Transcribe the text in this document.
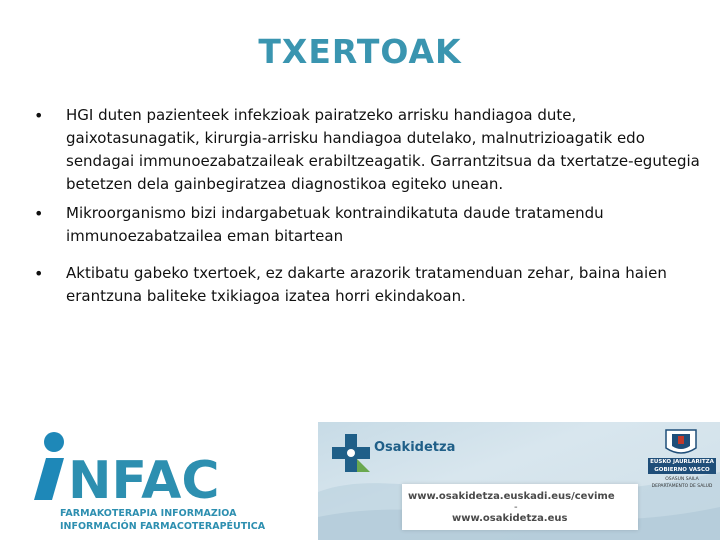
TXERTOAK
• HGI duten pazienteek infekzioak pairatzeko arrisku handiagoa dute, gaixotasunagatik, kirurgia-arrisku handiagoa dutelako, malnutrizioagatik edo sendagai immunoezabatzaileak erabiltzeagatik. Garrantzitsua da txertatze-egutegia betetzen dela gainbegiratzea diagnostikoa egiteko unean.
• Mikroorganismo bizi indargabetuak kontraindikatuta daude tratamendu immunoezabatzailea eman bitartean
• Aktibatu gabeko txertoek, ez dakarte arazorik tratamenduan zehar, baina haien erantzuna baliteke txikiagoa izatea horri ekindakoan.
NFAC
FARMAKOTERAPIA INFORMAZIOA
INFORMACIÓN FARMACOTERAPÉUTICA
Osakidetza
EUSKO JAURLARITZA
GOBIERNO VASCO
OSASUN SAILA
DEPARTAMENTO DE SALUD
www.osakidetza.euskadi.eus/cevime
-
www.osakidetza.eus
